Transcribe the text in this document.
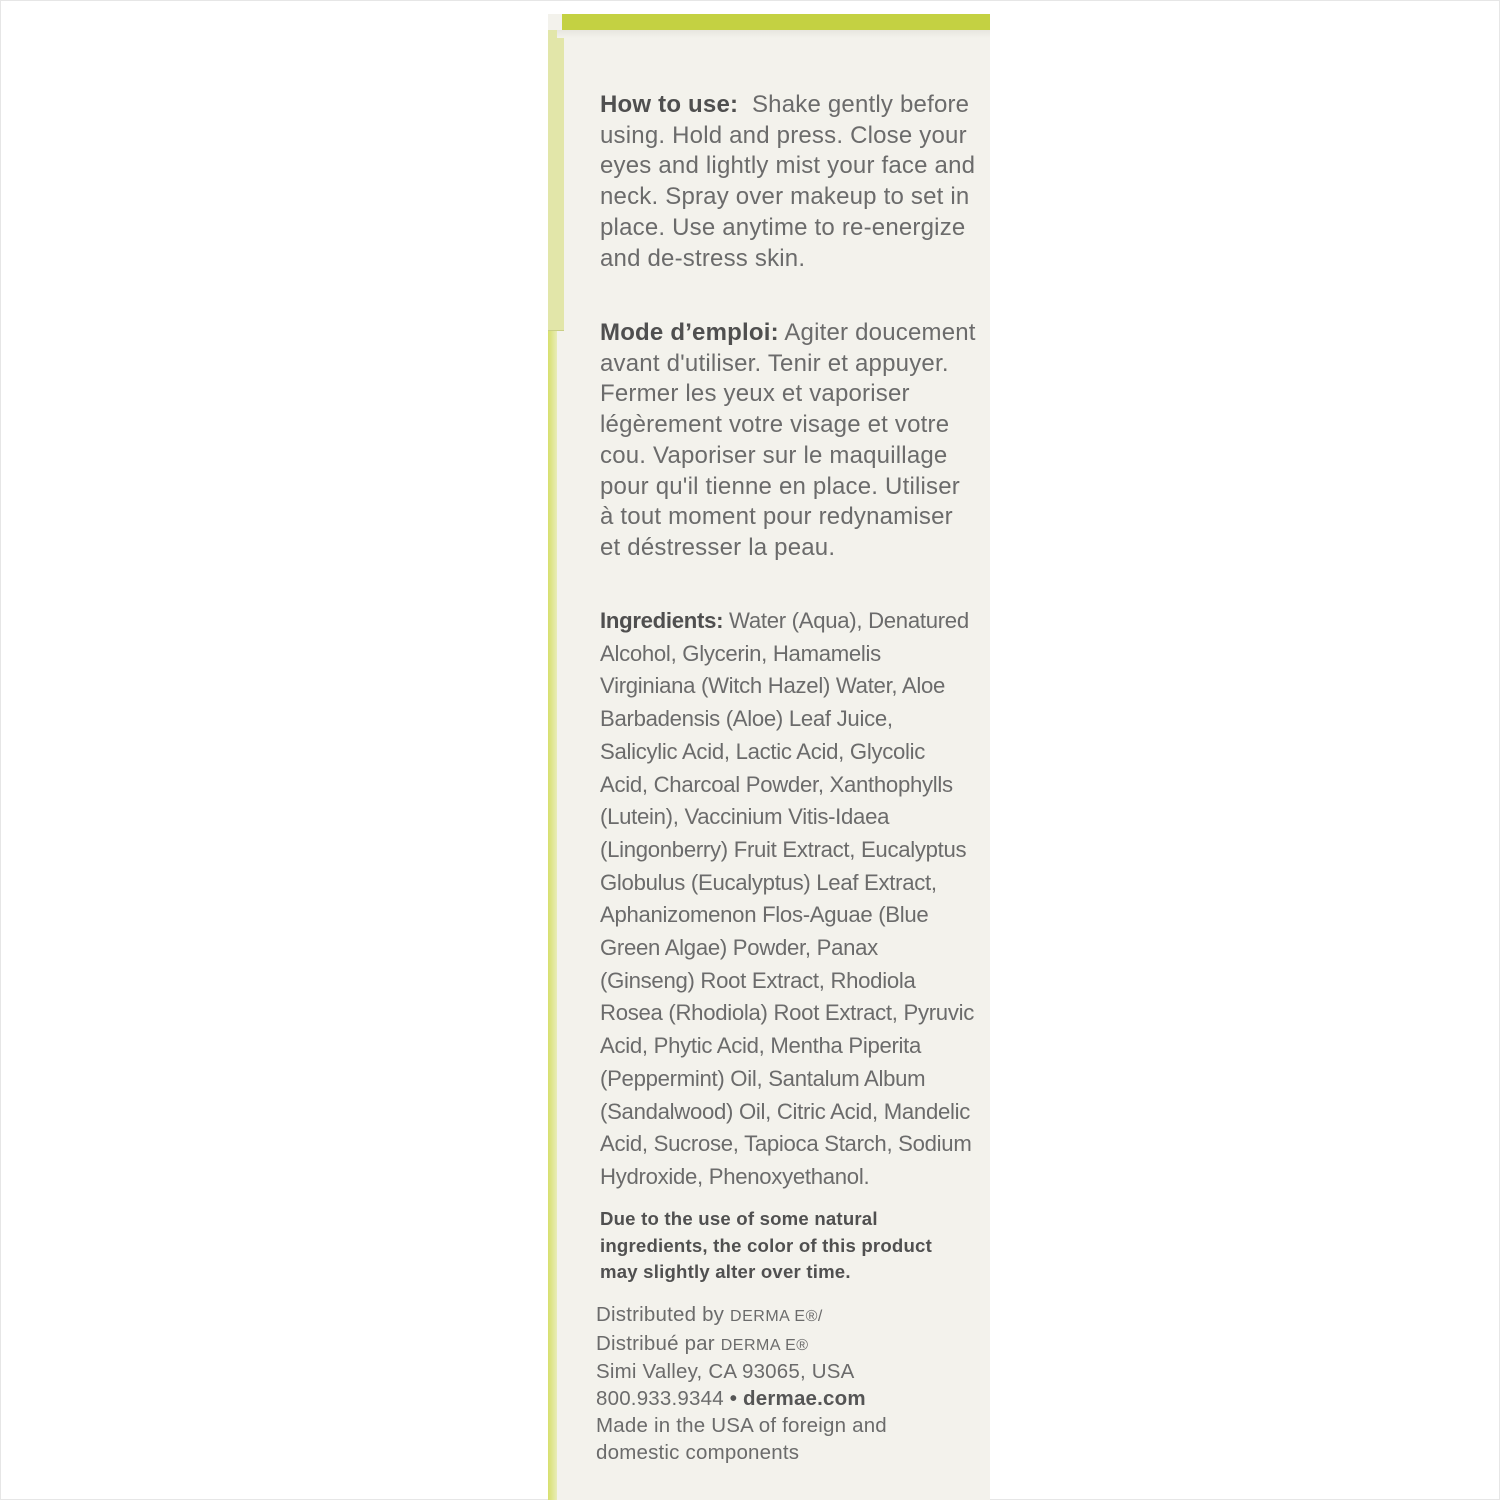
How to use: Shake gently before using. Hold and press. Close your eyes and lightly mist your face and neck. Spray over makeup to set in place. Use anytime to re-energize and de-stress skin.
Mode d’emploi: Agiter doucement avant d'utiliser. Tenir et appuyer. Fermer les yeux et vaporiser légèrement votre visage et votre cou. Vaporiser sur le maquillage pour qu'il tienne en place. Utiliser à tout moment pour redynamiser et déstresser la peau.
Ingredients: Water (Aqua), Denatured Alcohol, Glycerin, Hamamelis Virginiana (Witch Hazel) Water, Aloe Barbadensis (Aloe) Leaf Juice, Salicylic Acid, Lactic Acid, Glycolic Acid, Charcoal Powder, Xanthophylls (Lutein), Vaccinium Vitis-Idaea (Lingonberry) Fruit Extract, Eucalyptus Globulus (Eucalyptus) Leaf Extract, Aphanizomenon Flos-Aguae (Blue Green Algae) Powder, Panax (Ginseng) Root Extract, Rhodiola Rosea (Rhodiola) Root Extract, Pyruvic Acid, Phytic Acid, Mentha Piperita (Peppermint) Oil, Santalum Album (Sandalwood) Oil, Citric Acid, Mandelic Acid, Sucrose, Tapioca Starch, Sodium Hydroxide, Phenoxyethanol.
Due to the use of some natural ingredients, the color of this product may slightly alter over time.
Distributed by DERMA E®/
Distribué par DERMA E®
Simi Valley, CA 93065, USA
800.933.9344 • dermae.com
Made in the USA of foreign and domestic components
